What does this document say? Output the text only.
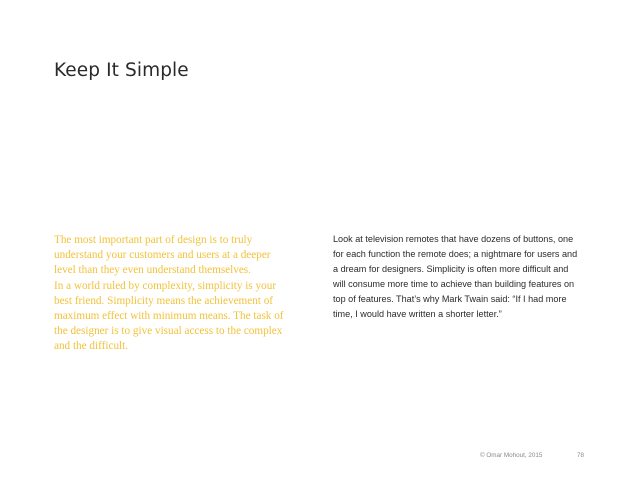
Keep It Simple

The most important part of design is to truly
understand your customers and users at a deeper
level than they even understand themselves.
In a world ruled by complexity, simplicity is your
best friend. Simplicity means the achievement of
maximum effect with minimum means. The task of
the designer is to give visual access to the complex
and the difficult.

Look at television remotes that have dozens of buttons, one
for each function the remote does; a nightmare for users and
a dream for designers. Simplicity is often more difficult and
will consume more time to achieve than building features on
top of features. That’s why Mark Twain said: “If I had more
time, I would have written a shorter letter.”

© Omar Mohout, 2015	78
